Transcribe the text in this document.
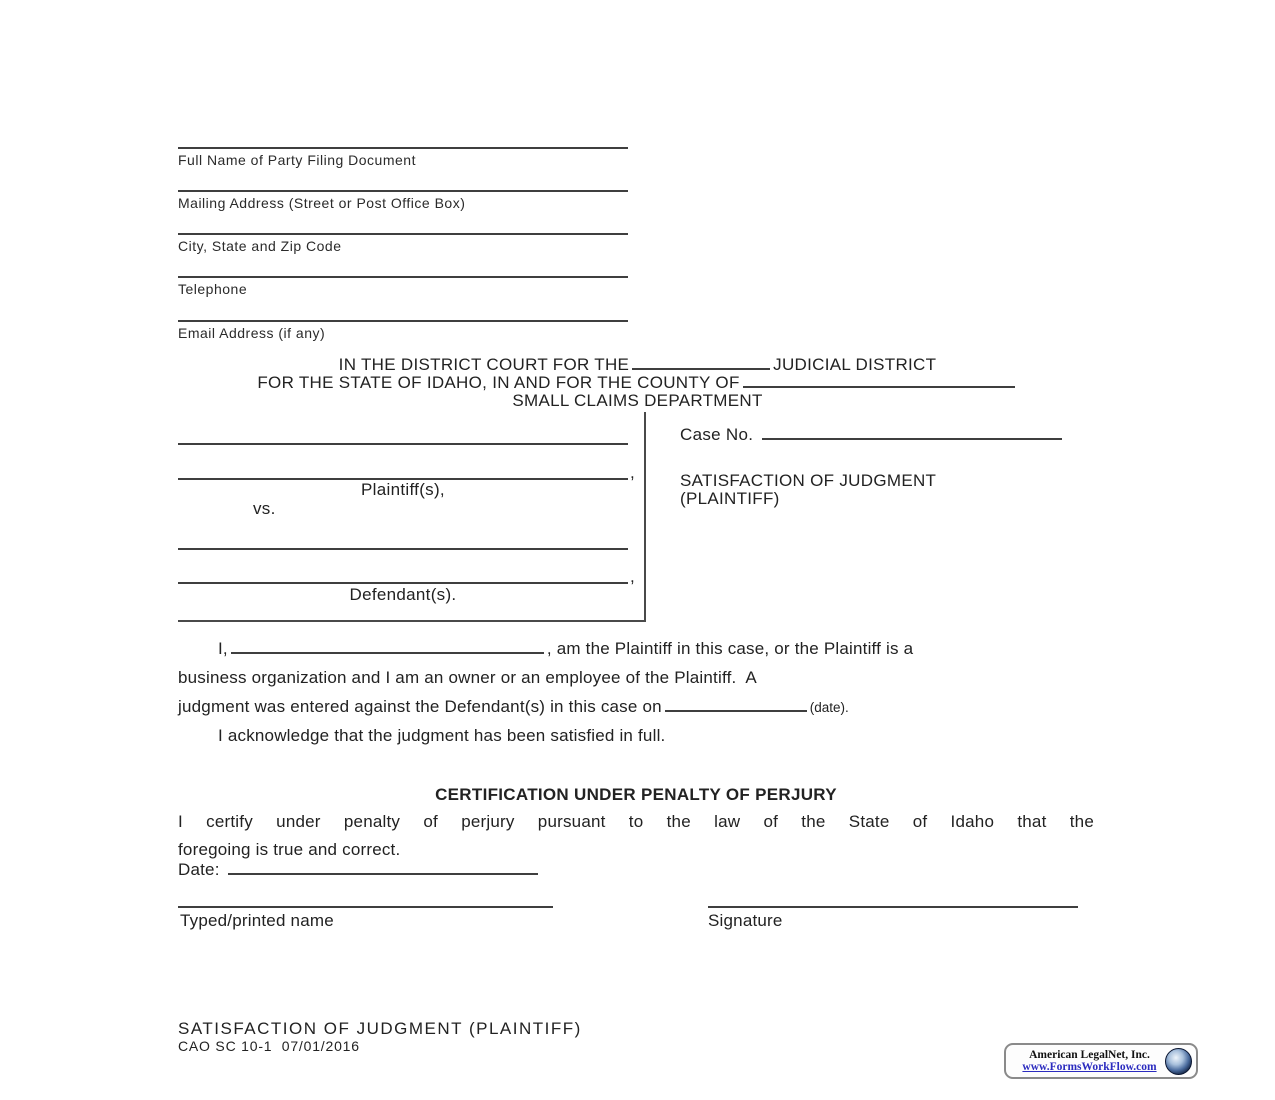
Full Name of Party Filing Document
Mailing Address (Street or Post Office Box)
City, State and Zip Code
Telephone
Email Address (if any)
IN THE DISTRICT COURT FOR THE	JUDICIAL DISTRICT
FOR THE STATE OF IDAHO, IN AND FOR THE COUNTY OF
SMALL CLAIMS DEPARTMENT
,
Plaintiff(s),
vs.
,
Defendant(s).
Case No.
SATISFACTION OF JUDGMENT
(PLAINTIFF)
I,	, am the Plaintiff in this case, or the Plaintiff is a
business organization and I am an owner or an employee of the Plaintiff.  A
judgment was entered against the Defendant(s) in this case on	(date).
I acknowledge that the judgment has been satisfied in full.
CERTIFICATION UNDER PENALTY OF PERJURY
I certify under penalty of perjury pursuant to the law of the State of Idaho that the
foregoing is true and correct.
Date:
Typed/printed name	Signature
SATISFACTION OF JUDGMENT (PLAINTIFF)
CAO SC 10-1  07/01/2016
American LegalNet, Inc.
www.FormsWorkFlow.com
